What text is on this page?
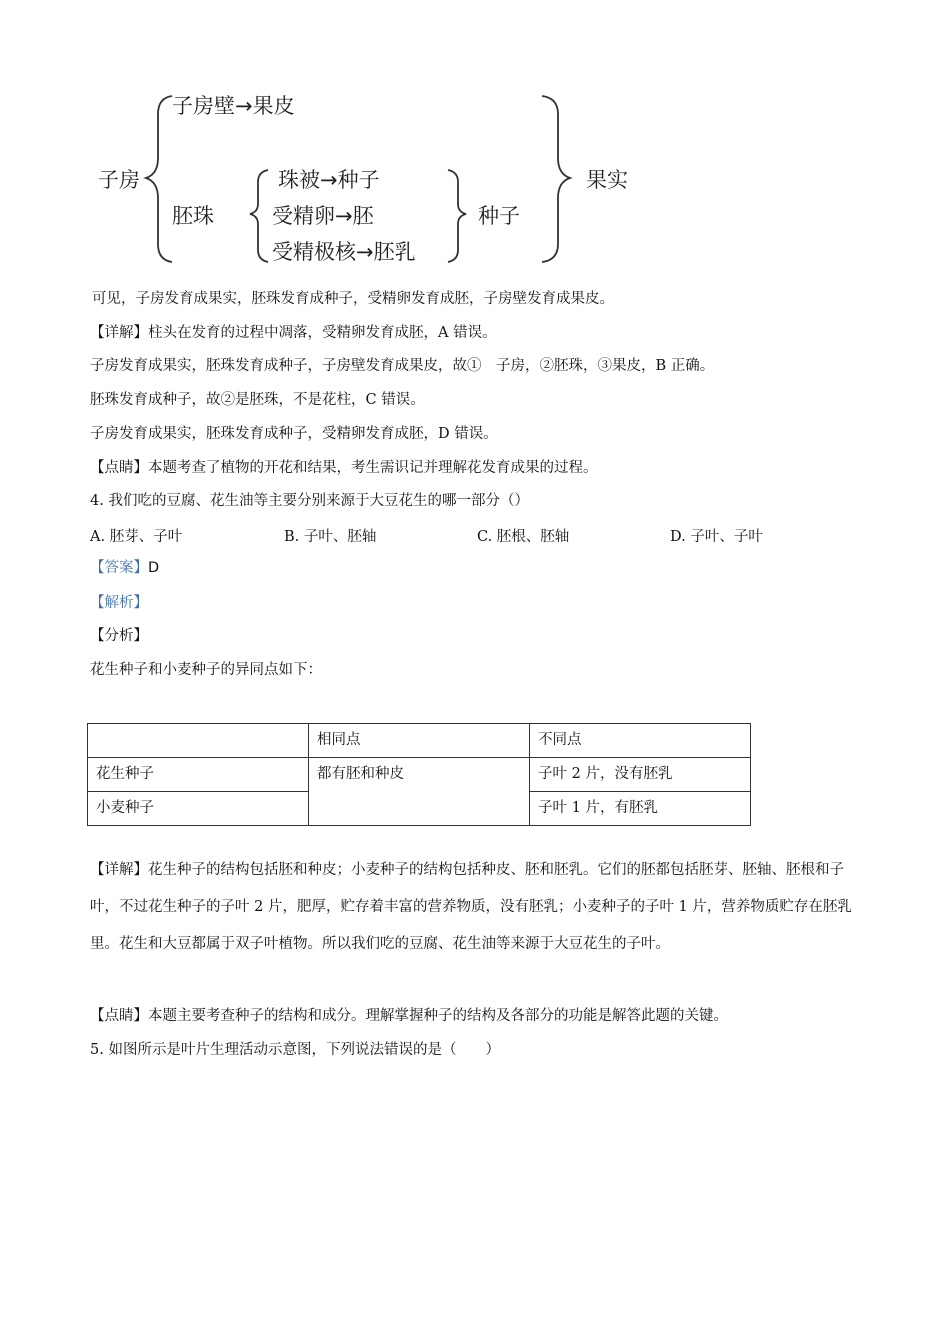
子房壁→果皮
子房
胚珠
珠被→种子
受精卵→胚
受精极核→胚乳
种子
果实
可见，子房发育成果实，胚珠发育成种子，受精卵发育成胚，子房壁发育成果皮。
【详解】柱头在发育的过程中凋落，受精卵发育成胚，A 错误。
子房发育成果实，胚珠发育成种子，子房壁发育成果皮，故①　子房，②胚珠，③果皮，B 正确。
胚珠发育成种子，故②是胚珠，不是花柱，C 错误。
子房发育成果实，胚珠发育成种子，受精卵发育成胚，D 错误。
【点睛】本题考查了植物的开花和结果，考生需识记并理解花发育成果的过程。
4. 我们吃的豆腐、花生油等主要分别来源于大豆花生的哪一部分（）
A. 胚芽、子叶	B. 子叶、胚轴	C. 胚根、胚轴	D. 子叶、子叶
【答案】D
【解析】
【分析】
花生种子和小麦种子的异同点如下：
	相同点	不同点
花生种子	都有胚和种皮	子叶 2 片，没有胚乳
小麦种子		子叶 1 片，有胚乳
【详解】花生种子的结构包括胚和种皮；小麦种子的结构包括种皮、胚和胚乳。它们的胚都包括胚芽、胚轴、胚根和子叶，不过花生种子的子叶 2 片，肥厚，贮存着丰富的营养物质，没有胚乳；小麦种子的子叶 1 片，营养物质贮存在胚乳里。花生和大豆都属于双子叶植物。所以我们吃的豆腐、花生油等来源于大豆花生的子叶。
【点睛】本题主要考查种子的结构和成分。理解掌握种子的结构及各部分的功能是解答此题的关键。
5. 如图所示是叶片生理活动示意图，下列说法错误的是（　　）
